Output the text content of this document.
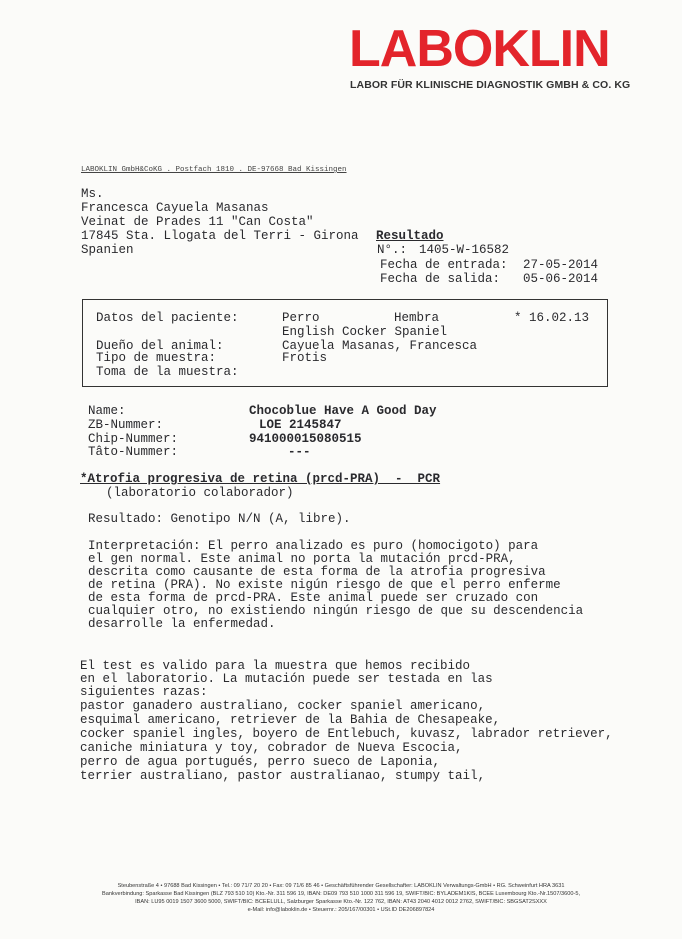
LABOKLIN
LABOR FÜR KLINISCHE DIAGNOSTIK GMBH & CO. KG
LABOKLIN GmbH&CoKG . Postfach 1810 . DE-97668 Bad Kissingen
Ms.
Francesca Cayuela Masanas
Veinat de Prades 11 "Can Costa"
17845 Sta. Llogata del Terri - Girona
Spanien
Resultado
N°.: 1405-W-16582
Fecha de entrada: 27-05-2014
Fecha de salida: 05-06-2014
Datos del paciente:	Perro	Hembra	* 16.02.13
English Cocker Spaniel
Dueño del animal:	Cayuela Masanas, Francesca
Tipo de muestra:	Frotis
Toma de la muestra:
Name:	Chocoblue Have A Good Day
ZB-Nummer:	LOE 2145847
Chip-Nummer:	941000015080515
Tâto-Nummer:	---
*Atrofia progresiva de retina (prcd-PRA)  -  PCR
(laboratorio colaborador)
Resultado: Genotipo N/N (A, libre).
Interpretación: El perro analizado es puro (homocigoto) para
el gen normal. Este animal no porta la mutación prcd-PRA,
descrita como causante de esta forma de la atrofia progresiva
de retina (PRA). No existe nigún riesgo de que el perro enferme
de esta forma de prcd-PRA. Este animal puede ser cruzado con
cualquier otro, no existiendo ningún riesgo de que su descendencia
desarrolle la enfermedad.
El test es valido para la muestra que hemos recibido
en el laboratorio. La mutación puede ser testada en las
siguientes razas:
pastor ganadero australiano, cocker spaniel americano,
esquimal americano, retriever de la Bahia de Chesapeake,
cocker spaniel ingles, boyero de Entlebuch, kuvasz, labrador retriever,
caniche miniatura y toy, cobrador de Nueva Escocia,
perro de agua portugués, perro sueco de Laponia,
terrier australiano, pastor australianao, stumpy tail,
Steubenstraße 4 • 97688 Bad Kissingen • Tel.: 09 71/7 20 20 • Fax: 09 71/6 85 46 • Geschäftsführender Gesellschafter: LABOKLIN Verwaltungs-GmbH • RG. Schweinfurt HRA 3631
Bankverbindung: Sparkasse Bad Kissingen (BLZ 793 510 10) Kto.-Nr. 311 596 19, IBAN: DE09 793 510 1000 311 596 19, SWIFT/BIC: BYLADEM1KIS, BCEE Luxembourg Kto.-Nr.1507/3600-5,
IBAN: LU95 0019 1507 3600 5000, SWIFT/BIC: BCEELULL, Salzburger Sparkasse Kto.-Nr. 122 762, IBAN: AT43 2040 4012 0012 2762, SWIFT/BIC: SBGSAT2SXXX
e-Mail: info@laboklin.de • Steuernr.: 205/167/00301 • USt.ID DE206897824
